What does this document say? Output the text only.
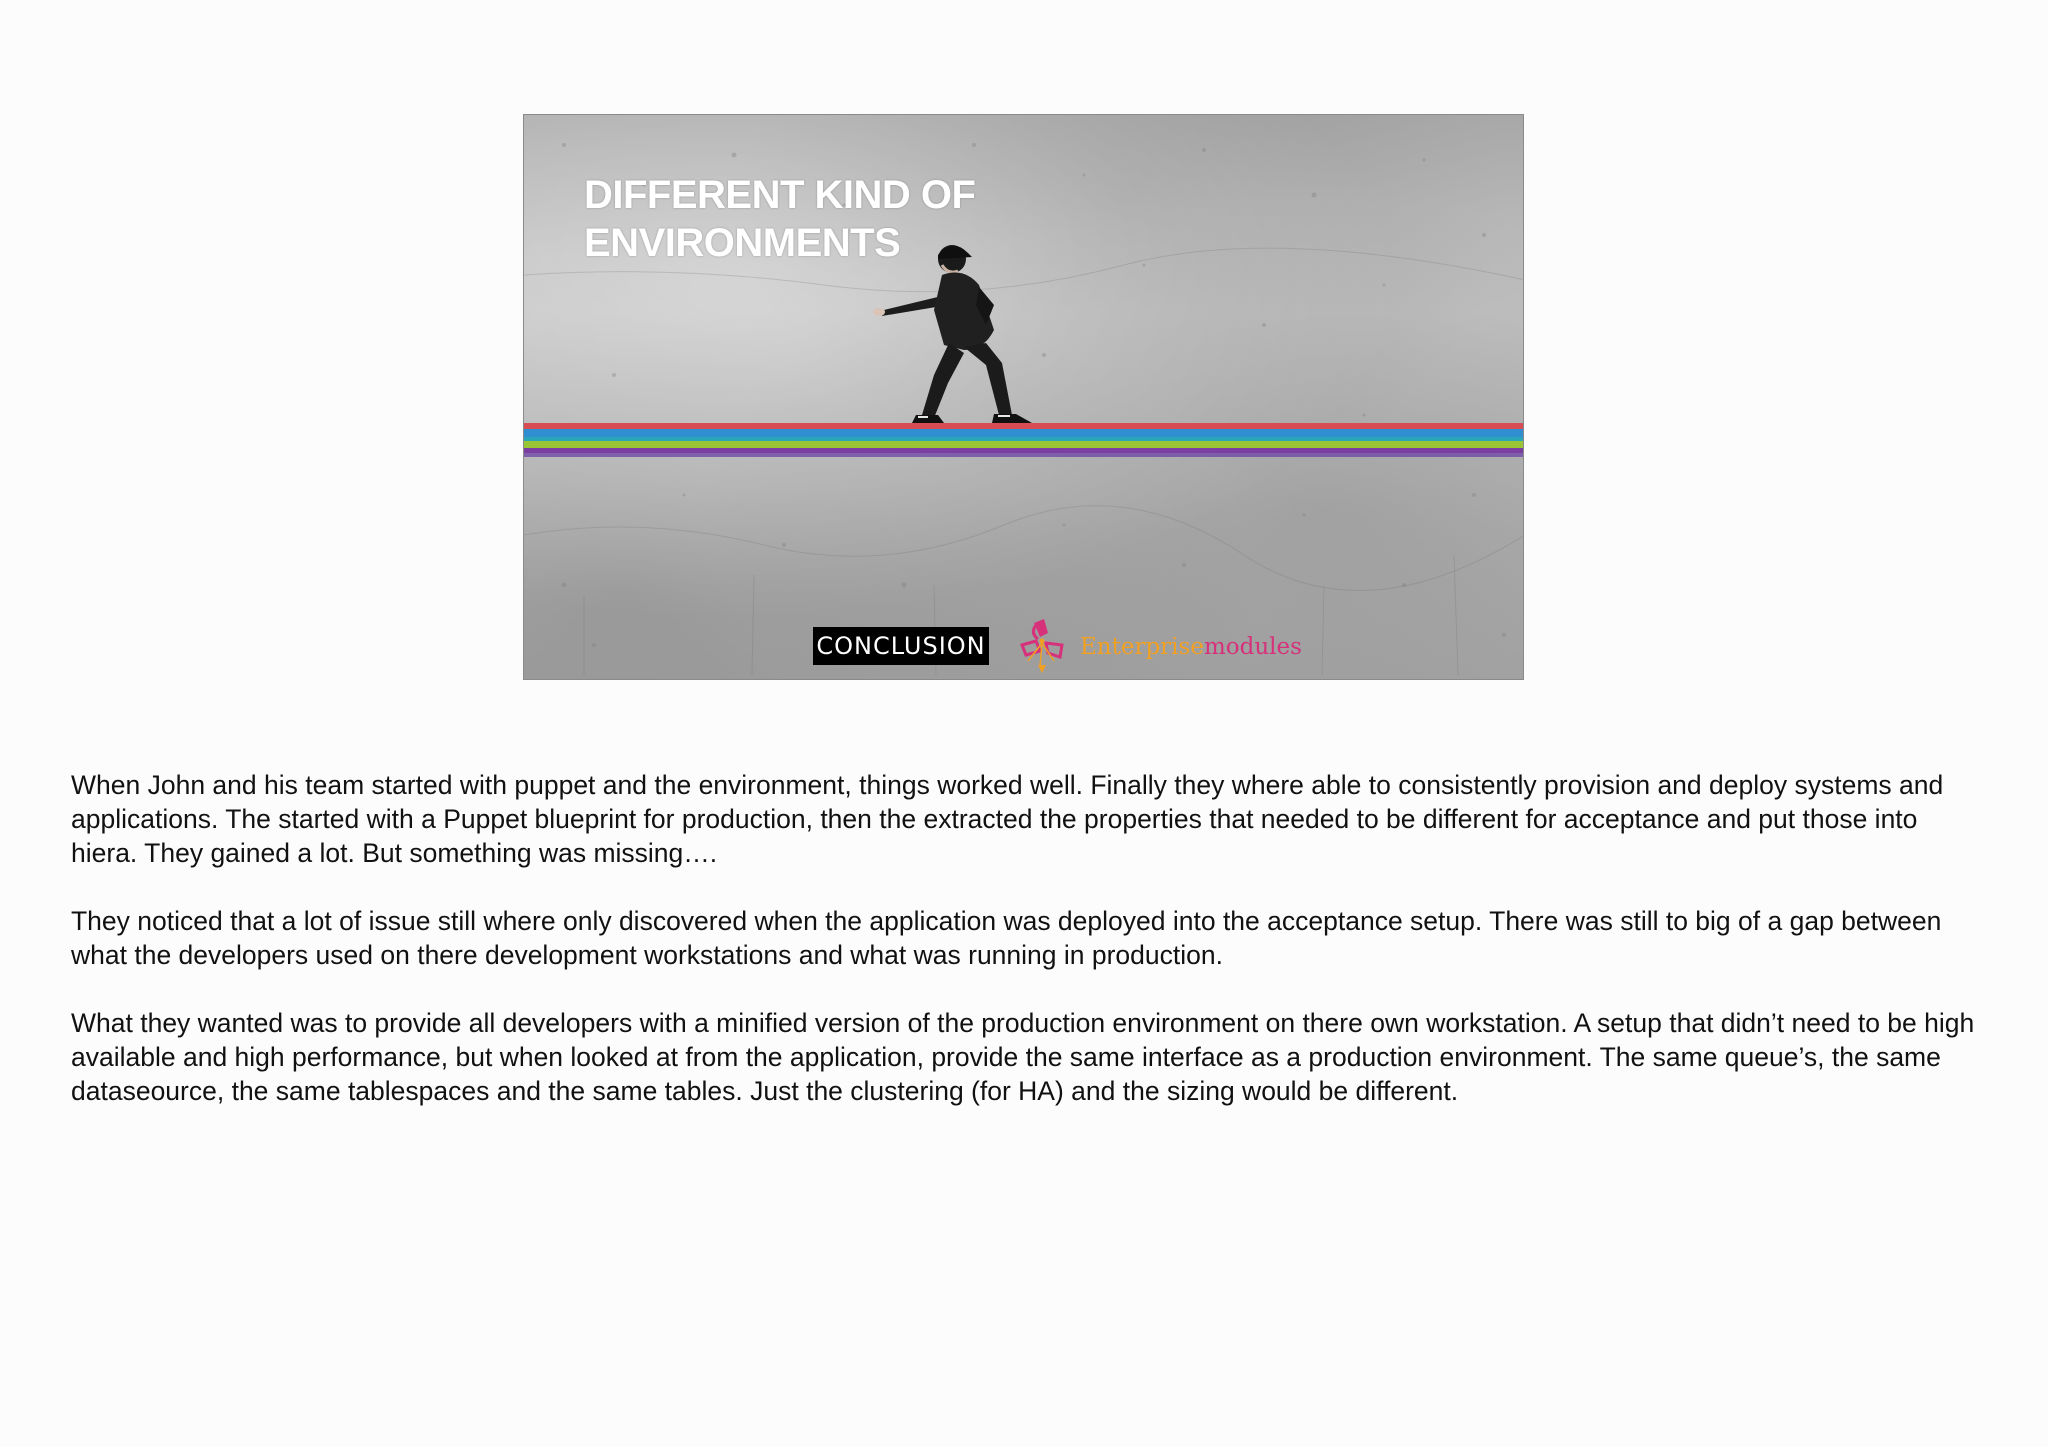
DIFFERENT KIND OF
ENVIRONMENTS
CONCLUSION	Enterprisemodules

When John and his team started with puppet and the environment, things worked well. Finally they where able to consistently provision and deploy systems and applications. The started with a Puppet blueprint for production, then the extracted the properties that needed to be different for acceptance and put those into hiera. They gained a lot. But something was missing….

They noticed that a lot of issue still where only discovered when the application was deployed into the acceptance setup. There was still to big of a gap between what the developers used on there development workstations and what was running in production.

What they wanted was to provide all developers with a minified version of the production environment on there own workstation. A setup that didn’t need to be high available and high performance, but when looked at from the application, provide the same interface as a production environment. The same queue’s, the same dataseource, the same tablespaces and the same tables. Just the clustering (for HA) and the sizing would be different.
